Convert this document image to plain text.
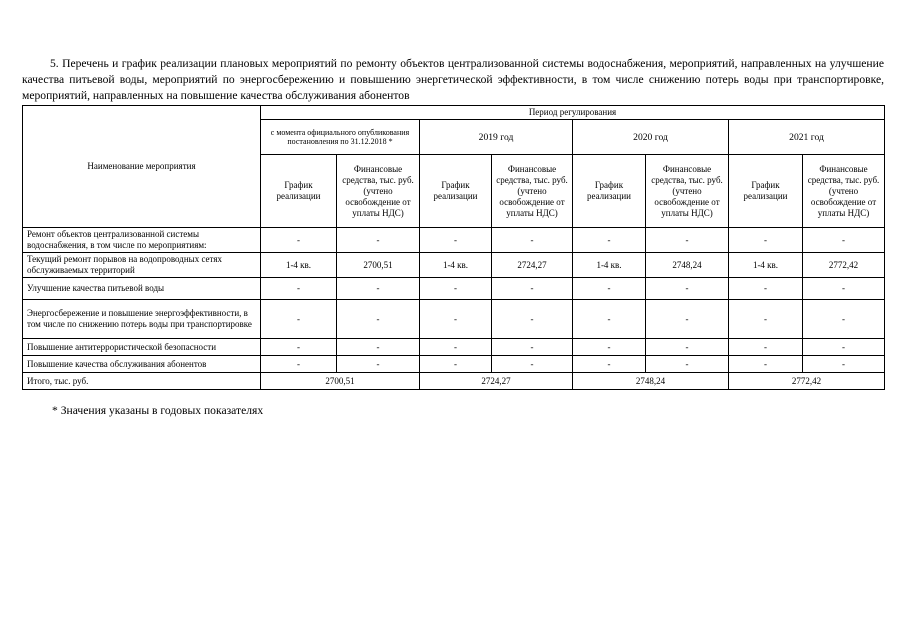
5. Перечень и график реализации плановых мероприятий по ремонту объектов централизованной системы водоснабжения, мероприятий, направленных на улучшение качества питьевой воды, мероприятий по энергосбережению и повышению энергетической эффективности, в том числе снижению потерь воды при транспортировке, мероприятий, направленных на повышение качества обслуживания абонентов

Наименование мероприятия	Период регулирования							
	с момента официального опубликования постановления по 31.12.2018 *		2019 год		2020 год		2021 год	
	График реализации	Финансовые средства, тыс. руб. (учтено освобождение от уплаты НДС)	График реализации	Финансовые средства, тыс. руб. (учтено освобождение от уплаты НДС)	График реализации	Финансовые средства, тыс. руб. (учтено освобождение от уплаты НДС)	График реализации	Финансовые средства, тыс. руб. (учтено освобождение от уплаты НДС)
Ремонт объектов централизованной системы водоснабжения, в том числе по мероприятиям:	-	-	-	-	-	-	-	-
Текущий ремонт порывов на водопроводных сетях обслуживаемых территорий	1-4 кв.	2700,51	1-4 кв.	2724,27	1-4 кв.	2748,24	1-4 кв.	2772,42
Улучшение качества питьевой воды	-	-	-	-	-	-	-	-
Энергосбережение и повышение энергоэффективности, в том числе по снижению потерь воды при транспортировке	-	-	-	-	-	-	-	-
Повышение антитеррористической безопасности	-	-	-	-	-	-	-	-
Повышение качества обслуживания абонентов	-	-	-	-	-	-	-	-
Итого, тыс. руб.	2700,51		2724,27		2748,24		2772,42	
* Значения указаны в годовых показателях
